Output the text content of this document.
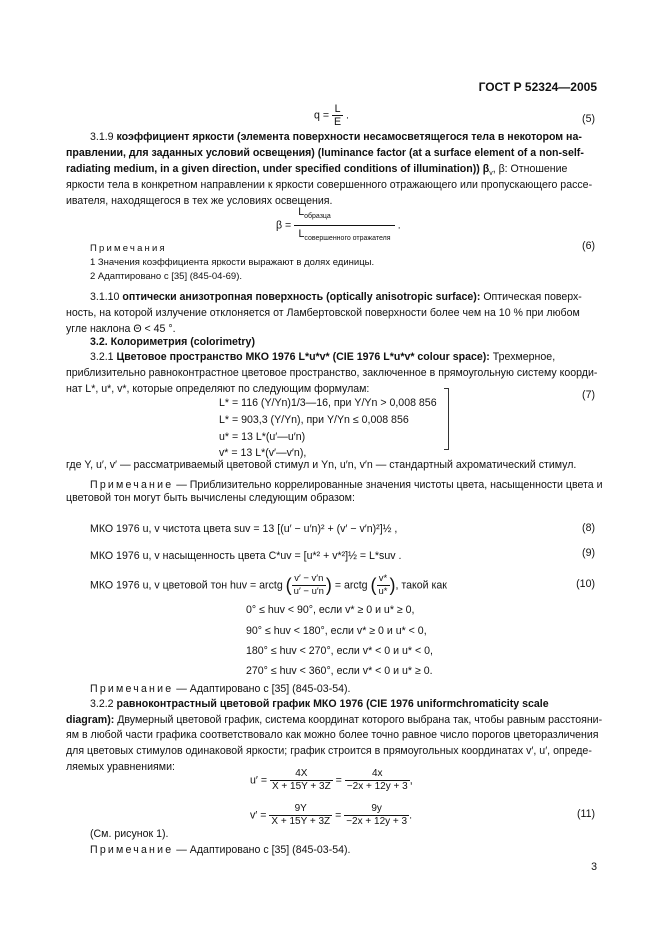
ГОСТ Р 52324—2005
$q = \frac{L}{E}$ .	(5)
3.1.9 коэффициент яркости (элемента поверхности несамосветящегося тела в некотором на-
правлении, для заданных условий освещения) (luminance factor (at a surface element of a non-self-
radiating medium, in a given direction, under specified conditions of illumination)) $\beta_v$, β: Отношение
яркости тела в конкретном направлении к яркости совершенного отражающего или пропускающего рассе-
ивателя, находящегося в тех же условиях освещения.
$\beta = \frac{L_{образца}}{L_{совершенного отражателя}}$ .
(6)
Примечания
1 Значения коэффициента яркости выражают в долях единицы.
2 Адаптировано с [35] (845-04-69).
3.1.10 оптически анизотропная поверхность (optically anisotropic surface): Оптическая поверх-
ность, на которой излучение отклоняется от Ламбертовской поверхности более чем на 10 % при любом
угле наклона Θ < 45 °.
3.2. Колориметрия (colorimetry)
3.2.1 Цветовое пространство МКО 1976 L*u*v* (CIE 1976 L*u*v* colour space): Трехмерное,
приблизительно равноконтрастное цветовое пространство, заключенное в прямоугольную систему коорди-
нат L*, u*, v*, которые определяют по следующим формулам:
L* = 116 (Y/Yn)1/3—16, при Y/Yn > 0,008 856
L* = 903,3 (Y/Yn), при Y/Yn ≤ 0,008 856
u* = 13 L*(u′—u′n)
v* = 13 L*(v′—v′n),
(7)
где Y, u′, v′ — рассматриваемый цветовой стимул и Yn, u′n, v′n — стандартный ахроматический стимул.
Примечание — Приблизительно коррелированные значения чистоты цвета, насыщенности цвета и
цветовой тон могут быть вычислены следующим образом:
МКО 1976 u, v чистота цвета suv = 13 [(u′ − u′n)² + (v′ − v′n)²]½ ,	(8)
МКО 1976 u, v насыщенность цвета C*uv = [u*² + v*²]½ = L*suv .	(9)
МКО 1976 u, v цветовой тон huv = arctg ( $\frac{v' - v'n}{u' - u'n}$ ) = arctg ( $\frac{v*}{u*}$ ), такой как	(10)
0° ≤ huv < 90°, если v* ≥ 0 и u* ≥ 0,
90° ≤ huv < 180°, если v* ≥ 0 и u* < 0,
180° ≤ huv < 270°, если v* < 0 и u* < 0,
270° ≤ huv < 360°, если v* < 0 и u* ≥ 0.
Примечание — Адаптировано с [35] (845-03-54).
3.2.2 равноконтрастный цветовой график МКО 1976 (CIE 1976 uniformchromaticity scale
diagram): Двумерный цветовой график, система координат которого выбрана так, чтобы равным расстояни-
ям в любой части графика соответствовало как можно более точно равное число порогов цветоразличения
для цветовых стимулов одинаковой яркости; график строится в прямоугольных координатах v′, u′, опреде-
ляемых уравнениями:
$u' = \frac{4X}{X + 15Y + 3Z} = \frac{4x}{-2x + 12y + 3}$ ,
$v' = \frac{9Y}{X + 15Y + 3Z} = \frac{9y}{-2x + 12y + 3}$ .	(11)
(См. рисунок 1).
Примечание — Адаптировано с [35] (845-03-54).
3
